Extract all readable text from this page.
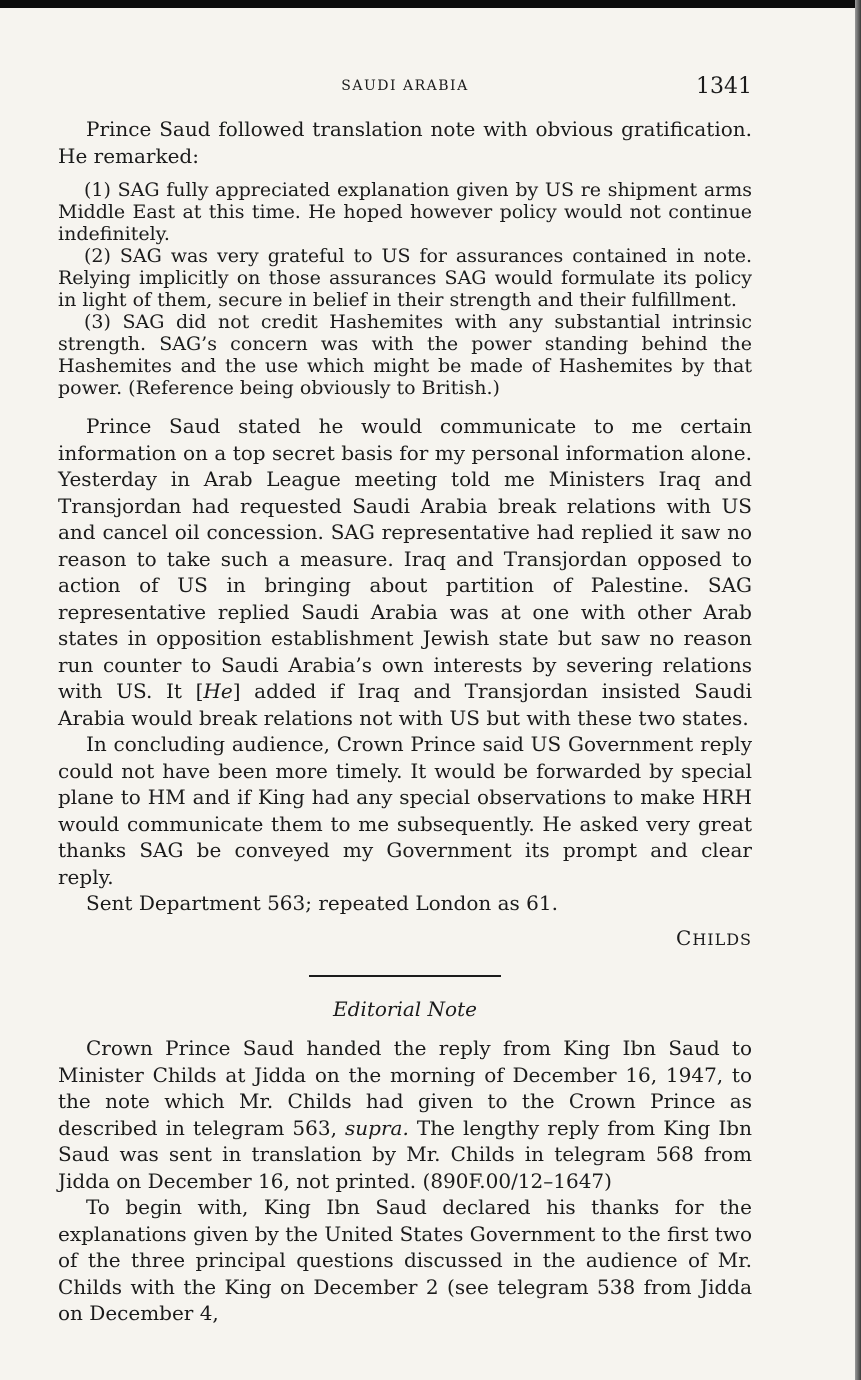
SAUDI ARABIA	1341

Prince Saud followed translation note with obvious gratification. He remarked:

(1) SAG fully appreciated explanation given by US re shipment arms Middle East at this time. He hoped however policy would not continue indefinitely.

(2) SAG was very grateful to US for assurances contained in note. Relying implicitly on those assurances SAG would formulate its policy in light of them, secure in belief in their strength and their fulfillment.

(3) SAG did not credit Hashemites with any substantial intrinsic strength. SAG’s concern was with the power standing behind the Hashemites and the use which might be made of Hashemites by that power. (Reference being obviously to British.)

Prince Saud stated he would communicate to me certain information on a top secret basis for my personal information alone. Yesterday in Arab League meeting told me Ministers Iraq and Transjordan had requested Saudi Arabia break relations with US and cancel oil concession. SAG representative had replied it saw no reason to take such a measure. Iraq and Transjordan opposed to action of US in bringing about partition of Palestine. SAG representative replied Saudi Arabia was at one with other Arab states in opposition establishment Jewish state but saw no reason run counter to Saudi Arabia’s own interests by severing relations with US. It [He] added if Iraq and Transjordan insisted Saudi Arabia would break relations not with US but with these two states.

In concluding audience, Crown Prince said US Government reply could not have been more timely. It would be forwarded by special plane to HM and if King had any special observations to make HRH would communicate them to me subsequently. He asked very great thanks SAG be conveyed my Government its prompt and clear reply.

Sent Department 563; repeated London as 61.

CHILDS
Editorial Note

Crown Prince Saud handed the reply from King Ibn Saud to Minister Childs at Jidda on the morning of December 16, 1947, to the note which Mr. Childs had given to the Crown Prince as described in telegram 563, supra. The lengthy reply from King Ibn Saud was sent in translation by Mr. Childs in telegram 568 from Jidda on December 16, not printed. (890F.00/12–1647)

To begin with, King Ibn Saud declared his thanks for the explanations given by the United States Government to the first two of the three principal questions discussed in the audience of Mr. Childs with the King on December 2 (see telegram 538 from Jidda on December 4,
